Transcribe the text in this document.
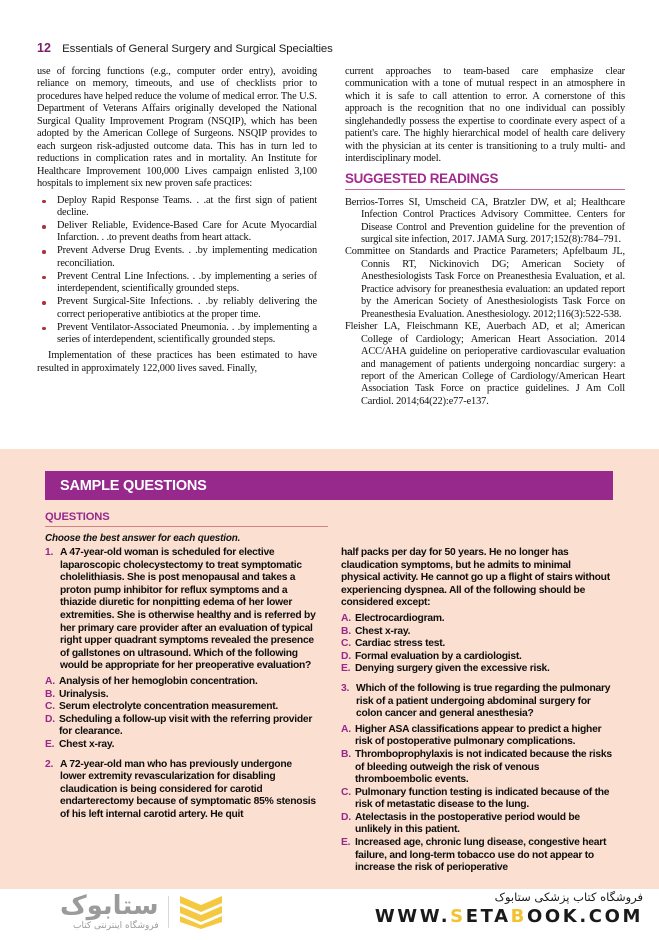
12 Essentials of General Surgery and Surgical Specialties

use of forcing functions (e.g., computer order entry), avoiding reliance on memory, timeouts, and use of checklists prior to procedures have helped reduce the volume of medical error. The U.S. Department of Veterans Affairs originally developed the National Surgical Quality Improvement Program (NSQIP), which has been adopted by the American College of Surgeons. NSQIP provides to each surgeon risk-adjusted outcome data. This has in turn led to reductions in complication rates and in mortality. An Institute for Healthcare Improvement 100,000 Lives campaign enlisted 3,100 hospitals to implement six new proven safe practices:

Deploy Rapid Response Teams. . .at the first sign of patient decline.
Deliver Reliable, Evidence-Based Care for Acute Myocardial Infarction. . .to prevent deaths from heart attack.
Prevent Adverse Drug Events. . .by implementing medication reconciliation.
Prevent Central Line Infections. . .by implementing a series of interdependent, scientifically grounded steps.
Prevent Surgical-Site Infections. . .by reliably delivering the correct perioperative antibiotics at the proper time.
Prevent Ventilator-Associated Pneumonia. . .by implementing a series of interdependent, scientifically grounded steps.

Implementation of these practices has been estimated to have resulted in approximately 122,000 lives saved. Finally,

current approaches to team-based care emphasize clear communication with a tone of mutual respect in an atmosphere in which it is safe to call attention to error. A cornerstone of this approach is the recognition that no one individual can possibly singlehandedly possess the expertise to coordinate every aspect of a patient's care. The highly hierarchical model of health care delivery with the physician at its center is transitioning to a truly multi- and interdisciplinary model.

SUGGESTED READINGS

Berrios-Torres SI, Umscheid CA, Bratzler DW, et al; Healthcare Infection Control Practices Advisory Committee. Centers for Disease Control and Prevention guideline for the prevention of surgical site infection, 2017. JAMA Surg. 2017;152(8):784–791.

Committee on Standards and Practice Parameters; Apfelbaum JL, Connis RT, Nickinovich DG; American Society of Anesthesiologists Task Force on Preanesthesia Evaluation, et al. Practice advisory for preanesthesia evaluation: an updated report by the American Society of Anesthesiologists Task Force on Preanesthesia Evaluation. Anesthesiology. 2012;116(3):522-538.

Fleisher LA, Fleischmann KE, Auerbach AD, et al; American College of Cardiology; American Heart Association. 2014 ACC/AHA guideline on perioperative cardiovascular evaluation and management of patients undergoing noncardiac surgery: a report of the American College of Cardiology/American Heart Association Task Force on practice guidelines. J Am Coll Cardiol. 2014;64(22):e77-e137.

SAMPLE QUESTIONS
QUESTIONS
Choose the best answer for each question.
1. A 47-year-old woman is scheduled for elective laparoscopic cholecystectomy to treat symptomatic cholelithiasis. She is post menopausal and takes a proton pump inhibitor for reflux symptoms and a thiazide diuretic for nonpitting edema of her lower extremities. She is otherwise healthy and is referred by her primary care provider after an evaluation of typical right upper quadrant symptoms revealed the presence of gallstones on ultrasound. Which of the following would be appropriate for her preoperative evaluation?
A. Analysis of her hemoglobin concentration.
B. Urinalysis.
C. Serum electrolyte concentration measurement.
D. Scheduling a follow-up visit with the referring provider for clearance.
E. Chest x-ray.
2. A 72-year-old man who has previously undergone lower extremity revascularization for disabling claudication is being considered for carotid endarterectomy because of symptomatic 85% stenosis of his left internal carotid artery. He quit
half packs per day for 50 years. He no longer has claudication symptoms, but he admits to minimal physical activity. He cannot go up a flight of stairs without experiencing dyspnea. All of the following should be considered except:
A. Electrocardiogram.
B. Chest x-ray.
C. Cardiac stress test.
D. Formal evaluation by a cardiologist.
E. Denying surgery given the excessive risk.
3. Which of the following is true regarding the pulmonary risk of a patient undergoing abdominal surgery for colon cancer and general anesthesia?
A. Higher ASA classifications appear to predict a higher risk of postoperative pulmonary complications.
B. Thromboprophylaxis is not indicated because the risks of bleeding outweigh the risk of venous thromboembolic events.
C. Pulmonary function testing is indicated because of the risk of metastatic disease to the lung.
D. Atelectasis in the postoperative period would be unlikely in this patient.
E. Increased age, chronic lung disease, congestive heart failure, and long-term tobacco use do not appear to increase the risk of perioperative
ستابوک
فروشگاه اینترنتی کتاب
فروشگاه کتاب پزشکی ستابوک
WWW.SETABOOK.COM
